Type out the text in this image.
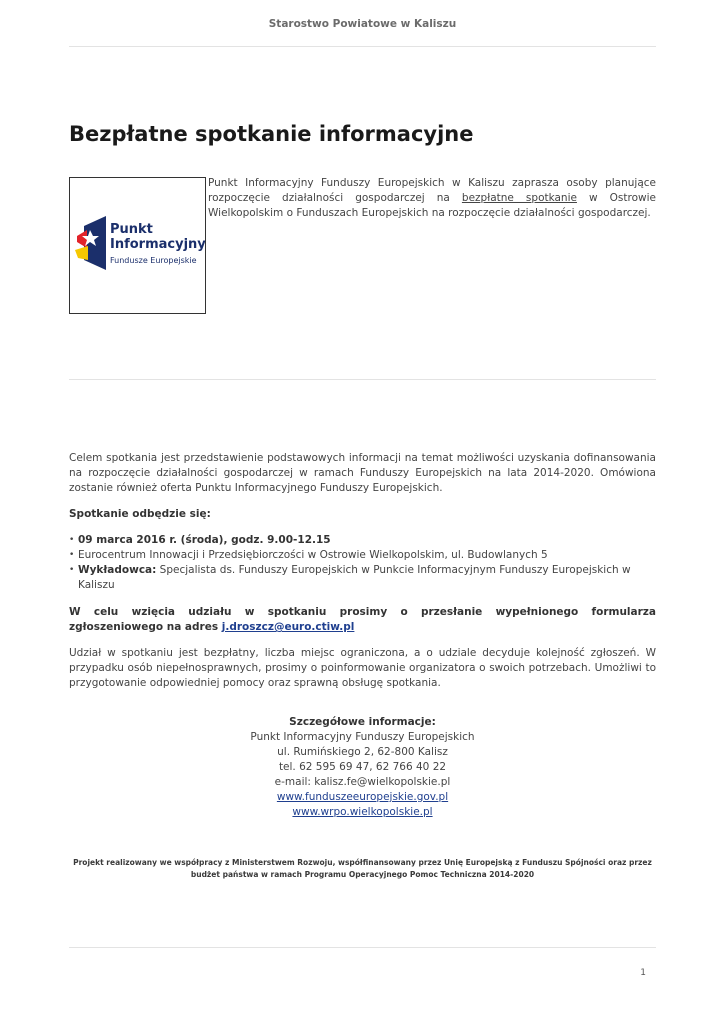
Starostwo Powiatowe w Kaliszu
Bezpłatne spotkanie informacyjne
Punkt
Informacyjny
Fundusze Europejskie

Punkt Informacyjny Funduszy Europejskich w Kaliszu zaprasza osoby planujące rozpoczęcie działalności gospodarczej na bezpłatne spotkanie w Ostrowie Wielkopolskim o Funduszach Europejskich na rozpoczęcie działalności gospodarczej.

Celem spotkania jest przedstawienie podstawowych informacji na temat możliwości uzyskania dofinansowania na rozpoczęcie działalności gospodarczej w ramach Funduszy Europejskich na lata 2014-2020. Omówiona zostanie również oferta Punktu Informacyjnego Funduszy Europejskich.

Spotkanie odbędzie się:

• 09 marca 2016 r. (środa), godz. 9.00-12.15
• Eurocentrum Innowacji i Przedsiębiorczości w Ostrowie Wielkopolskim, ul. Budowlanych 5
• Wykładowca: Specjalista ds. Funduszy Europejskich w Punkcie Informacyjnym Funduszy Europejskich w Kaliszu

W celu wzięcia udziału w spotkaniu prosimy o przesłanie wypełnionego formularza zgłoszeniowego na adres j.droszcz@euro.ctiw.pl

Udział w spotkaniu jest bezpłatny, liczba miejsc ograniczona, a o udziale decyduje kolejność zgłoszeń. W przypadku osób niepełnosprawnych, prosimy o poinformowanie organizatora o swoich potrzebach. Umożliwi to przygotowanie odpowiedniej pomocy oraz sprawną obsługę spotkania.

Szczegółowe informacje:
Punkt Informacyjny Funduszy Europejskich
ul. Rumińskiego 2, 62-800 Kalisz
tel. 62 595 69 47, 62 766 40 22
e-mail: kalisz.fe@wielkopolskie.pl
www.funduszeeuropejskie.gov.pl
www.wrpo.wielkopolskie.pl
Projekt realizowany we współpracy z Ministerstwem Rozwoju, współfinansowany przez Unię Europejską z Funduszu Spójności oraz przez budżet państwa w ramach Programu Operacyjnego Pomoc Techniczna 2014-2020
1
